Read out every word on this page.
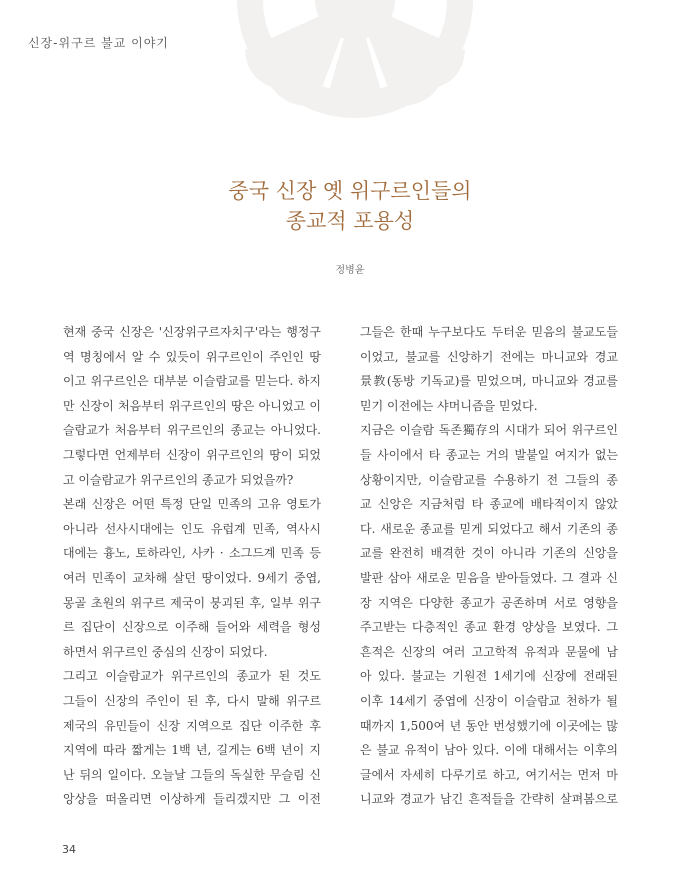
신장-위구르 불교 이야기
중국 신장 옛 위구르인들의
종교적 포용성
정병윤
현재 중국 신장은 '신장위구르자치구'라는 행정구
역 명칭에서 알 수 있듯이 위구르인이 주인인 땅
이고 위구르인은 대부분 이슬람교를 믿는다. 하지
만 신장이 처음부터 위구르인의 땅은 아니었고 이
슬람교가 처음부터 위구르인의 종교는 아니었다.
그렇다면 언제부터 신장이 위구르인의 땅이 되었
고 이슬람교가 위구르인의 종교가 되었을까?
본래 신장은 어떤 특정 단일 민족의 고유 영토가
아니라 선사시대에는 인도 유럽계 민족, 역사시
대에는 흉노, 토하라인, 사카 · 소그드계 민족 등
여러 민족이 교차해 살던 땅이었다. 9세기 중엽,
몽골 초원의 위구르 제국이 붕괴된 후, 일부 위구
르 집단이 신장으로 이주해 들어와 세력을 형성
하면서 위구르인 중심의 신장이 되었다.
그리고 이슬람교가 위구르인의 종교가 된 것도
그들이 신장의 주인이 된 후, 다시 말해 위구르
제국의 유민들이 신장 지역으로 집단 이주한 후
지역에 따라 짧게는 1백 년, 길게는 6백 년이 지
난 뒤의 일이다. 오늘날 그들의 독실한 무슬림 신
앙상을 떠올리면 이상하게 들리겠지만 그 이전
그들은 한때 누구보다도 두터운 믿음의 불교도들
이었고, 불교를 신앙하기 전에는 마니교와 경교
景教(동방 기독교)를 믿었으며, 마니교와 경교를
믿기 이전에는 샤머니즘을 믿었다.
지금은 이슬람 독존獨存의 시대가 되어 위구르인
들 사이에서 타 종교는 거의 발붙일 여지가 없는
상황이지만, 이슬람교를 수용하기 전 그들의 종
교 신앙은 지금처럼 타 종교에 배타적이지 않았
다. 새로운 종교를 믿게 되었다고 해서 기존의 종
교를 완전히 배격한 것이 아니라 기존의 신앙을
발판 삼아 새로운 믿음을 받아들였다. 그 결과 신
장 지역은 다양한 종교가 공존하며 서로 영향을
주고받는 다층적인 종교 환경 양상을 보였다. 그
흔적은 신장의 여러 고고학적 유적과 문물에 남
아 있다. 불교는 기원전 1세기에 신장에 전래된
이후 14세기 중엽에 신장이 이슬람교 천하가 될
때까지 1,500여 년 동안 번성했기에 이곳에는 많
은 불교 유적이 남아 있다. 이에 대해서는 이후의
글에서 자세히 다루기로 하고, 여기서는 먼저 마
니교와 경교가 남긴 흔적들을 간략히 살펴봄으로
34
